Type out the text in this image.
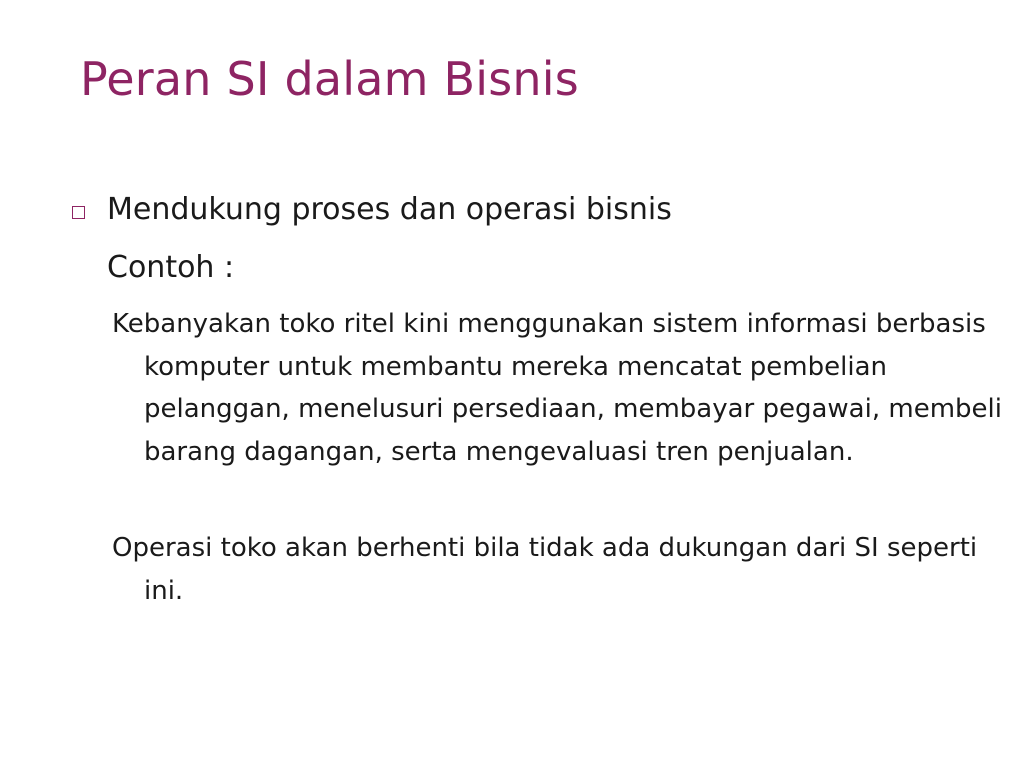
Peran SI dalam Bisnis
Mendukung proses dan operasi bisnis
Contoh :
Kebanyakan toko ritel kini menggunakan sistem informasi berbasis komputer untuk membantu mereka mencatat pembelian pelanggan, menelusuri persediaan, membayar pegawai, membeli barang dagangan, serta mengevaluasi tren penjualan.
Operasi toko akan berhenti bila tidak ada dukungan dari SI seperti ini.
